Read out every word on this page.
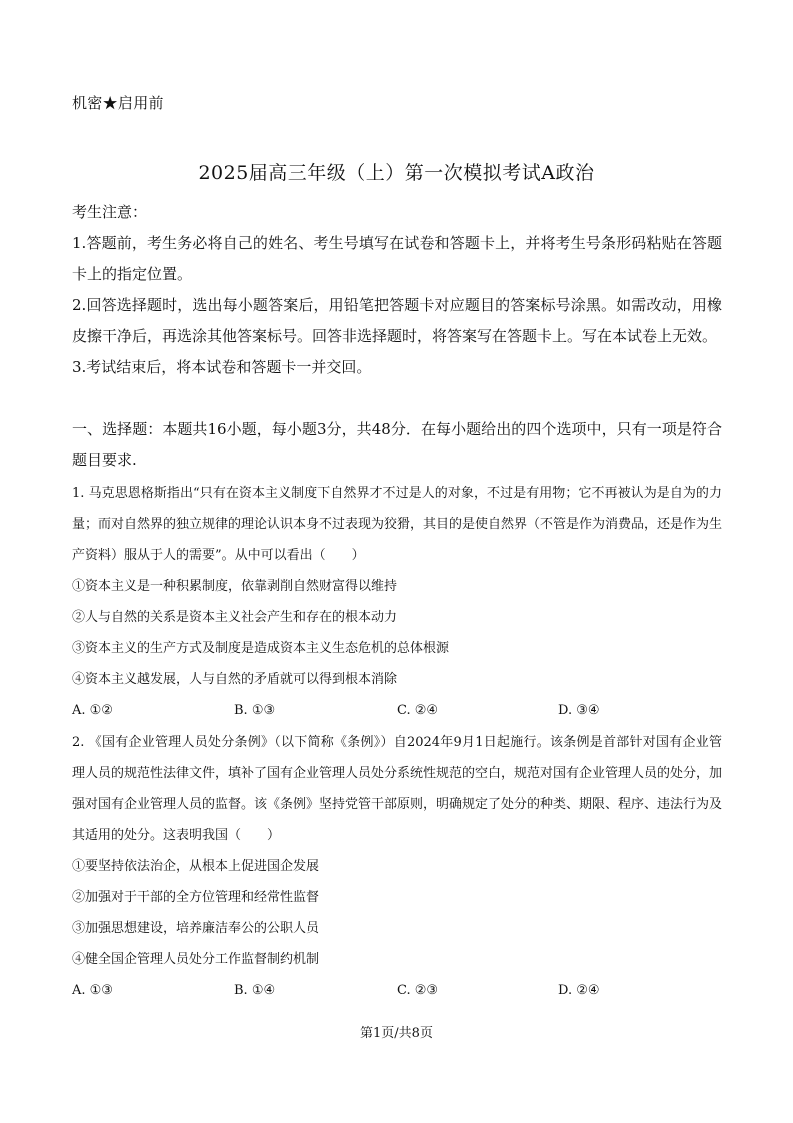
机密★启用前
2025届高三年级（上）第一次模拟考试A政治

考生注意：

1.答题前，考生务必将自己的姓名、考生号填写在试卷和答题卡上，并将考生号条形码粘贴在答题卡上的指定位置。

2.回答选择题时，选出每小题答案后，用铅笔把答题卡对应题目的答案标号涂黑。如需改动，用橡皮擦干净后，再选涂其他答案标号。回答非选择题时，将答案写在答题卡上。写在本试卷上无效。

3.考试结束后，将本试卷和答题卡一并交回。

一、选择题：本题共16小题，每小题3分，共48分．在每小题给出的四个选项中，只有一项是符合题目要求.

1. 马克思恩格斯指出“只有在资本主义制度下自然界才不过是人的对象，不过是有用物；它不再被认为是自为的力量；而对自然界的独立规律的理论认识本身不过表现为狡猾，其目的是使自然界（不管是作为消费品，还是作为生产资料）服从于人的需要”。从中可以看出（　　）

①资本主义是一种积累制度，依靠剥削自然财富得以维持

②人与自然的关系是资本主义社会产生和存在的根本动力

③资本主义的生产方式及制度是造成资本主义生态危机的总体根源

④资本主义越发展，人与自然的矛盾就可以得到根本消除

A. ①②	B. ①③	C. ②④	D. ③④

2. 《国有企业管理人员处分条例》（以下简称《条例》）自2024年9月1日起施行。该条例是首部针对国有企业管理人员的规范性法律文件，填补了国有企业管理人员处分系统性规范的空白，规范对国有企业管理人员的处分，加强对国有企业管理人员的监督。该《条例》坚持党管干部原则，明确规定了处分的种类、期限、程序、违法行为及其适用的处分。这表明我国（　　）

①要坚持依法治企，从根本上促进国企发展

②加强对于干部的全方位管理和经常性监督

③加强思想建设，培养廉洁奉公的公职人员

④健全国企管理人员处分工作监督制约机制

A. ①③	B. ①④	C. ②③	D. ②④
第1页/共8页
